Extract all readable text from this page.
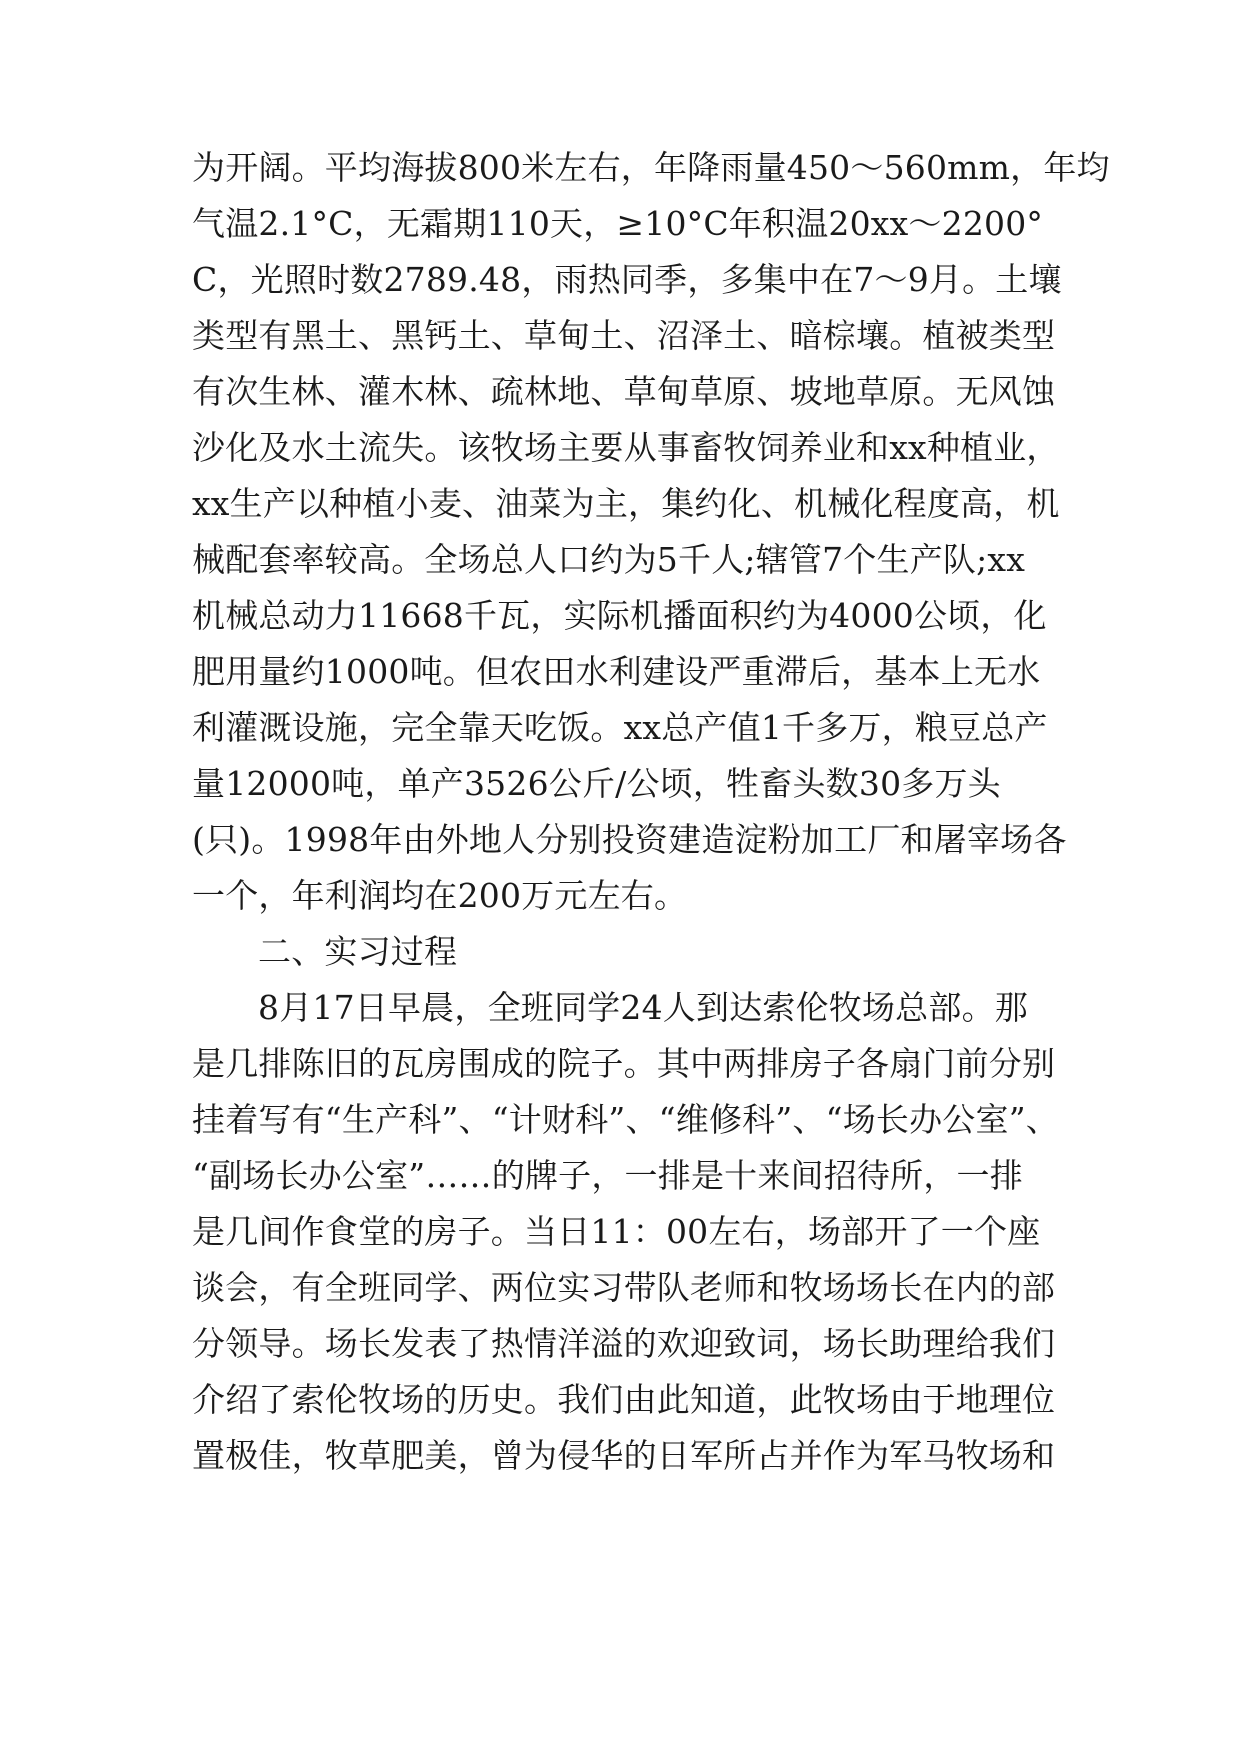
为开阔。平均海拔800米左右，年降雨量450～560mm，年均
气温2.1°C，无霜期110天，≥10°C年积温20xx～2200°
C，光照时数2789.48，雨热同季，多集中在7～9月。土壤
类型有黑土、黑钙土、草甸土、沼泽土、暗棕壤。植被类型
有次生林、灌木林、疏林地、草甸草原、坡地草原。无风蚀
沙化及水土流失。该牧场主要从事畜牧饲养业和xx种植业，
xx生产以种植小麦、油菜为主，集约化、机械化程度高，机
械配套率较高。全场总人口约为5千人;辖管7个生产队;xx
机械总动力11668千瓦，实际机播面积约为4000公顷，化
肥用量约1000吨。但农田水利建设严重滞后，基本上无水
利灌溉设施，完全靠天吃饭。xx总产值1千多万，粮豆总产
量12000吨，单产3526公斤/公顷，牲畜头数30多万头
(只)。1998年由外地人分别投资建造淀粉加工厂和屠宰场各
一个，年利润均在200万元左右。
二、实习过程
8月17日早晨，全班同学24人到达索伦牧场总部。那
是几排陈旧的瓦房围成的院子。其中两排房子各扇门前分别
挂着写有“生产科”、“计财科”、“维修科”、“场长办公室”、
“副场长办公室”……的牌子，一排是十来间招待所，一排
是几间作食堂的房子。当日11：00左右，场部开了一个座
谈会，有全班同学、两位实习带队老师和牧场场长在内的部
分领导。场长发表了热情洋溢的欢迎致词，场长助理给我们
介绍了索伦牧场的历史。我们由此知道，此牧场由于地理位
置极佳，牧草肥美，曾为侵华的日军所占并作为军马牧场和
